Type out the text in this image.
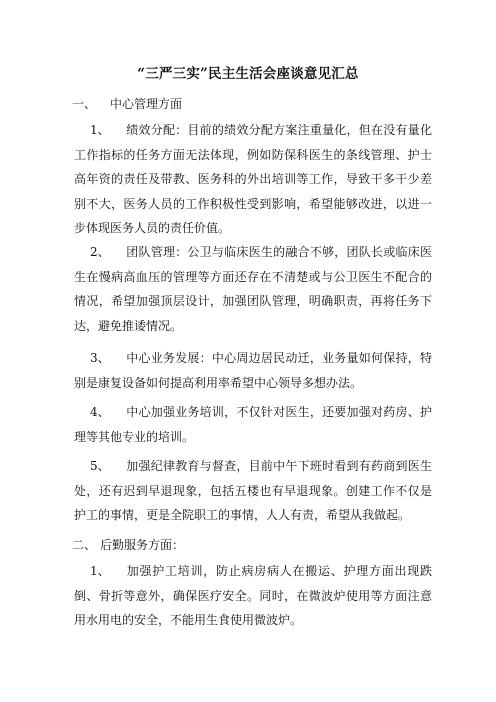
“三严三实”民主生活会座谈意见汇总
一、 中心管理方面
1、 绩效分配：目前的绩效分配方案注重量化，但在没有量化工作指标的任务方面无法体现，例如防保科医生的条线管理、护士高年资的责任及带教、医务科的外出培训等工作，导致干多干少差别不大，医务人员的工作积极性受到影响，希望能够改进，以进一步体现医务人员的责任价值。
2、 团队管理：公卫与临床医生的融合不够，团队长或临床医生在慢病高血压的管理等方面还存在不清楚或与公卫医生不配合的情况，希望加强顶层设计，加强团队管理，明确职责，再将任务下达，避免推诿情况。
3、 中心业务发展：中心周边居民动迁，业务量如何保持，特别是康复设备如何提高利用率希望中心领导多想办法。
4、 中心加强业务培训，不仅针对医生，还要加强对药房、护理等其他专业的培训。
5、 加强纪律教育与督查，目前中午下班时看到有药商到医生处，还有迟到早退现象，包括五楼也有早退现象。创建工作不仅是护工的事情，更是全院职工的事情，人人有责，希望从我做起。
二、 后勤服务方面：
1、 加强护工培训，防止病房病人在搬运、护理方面出现跌倒、骨折等意外，确保医疗安全。同时，在微波炉使用等方面注意用水用电的安全，不能用生食使用微波炉。
